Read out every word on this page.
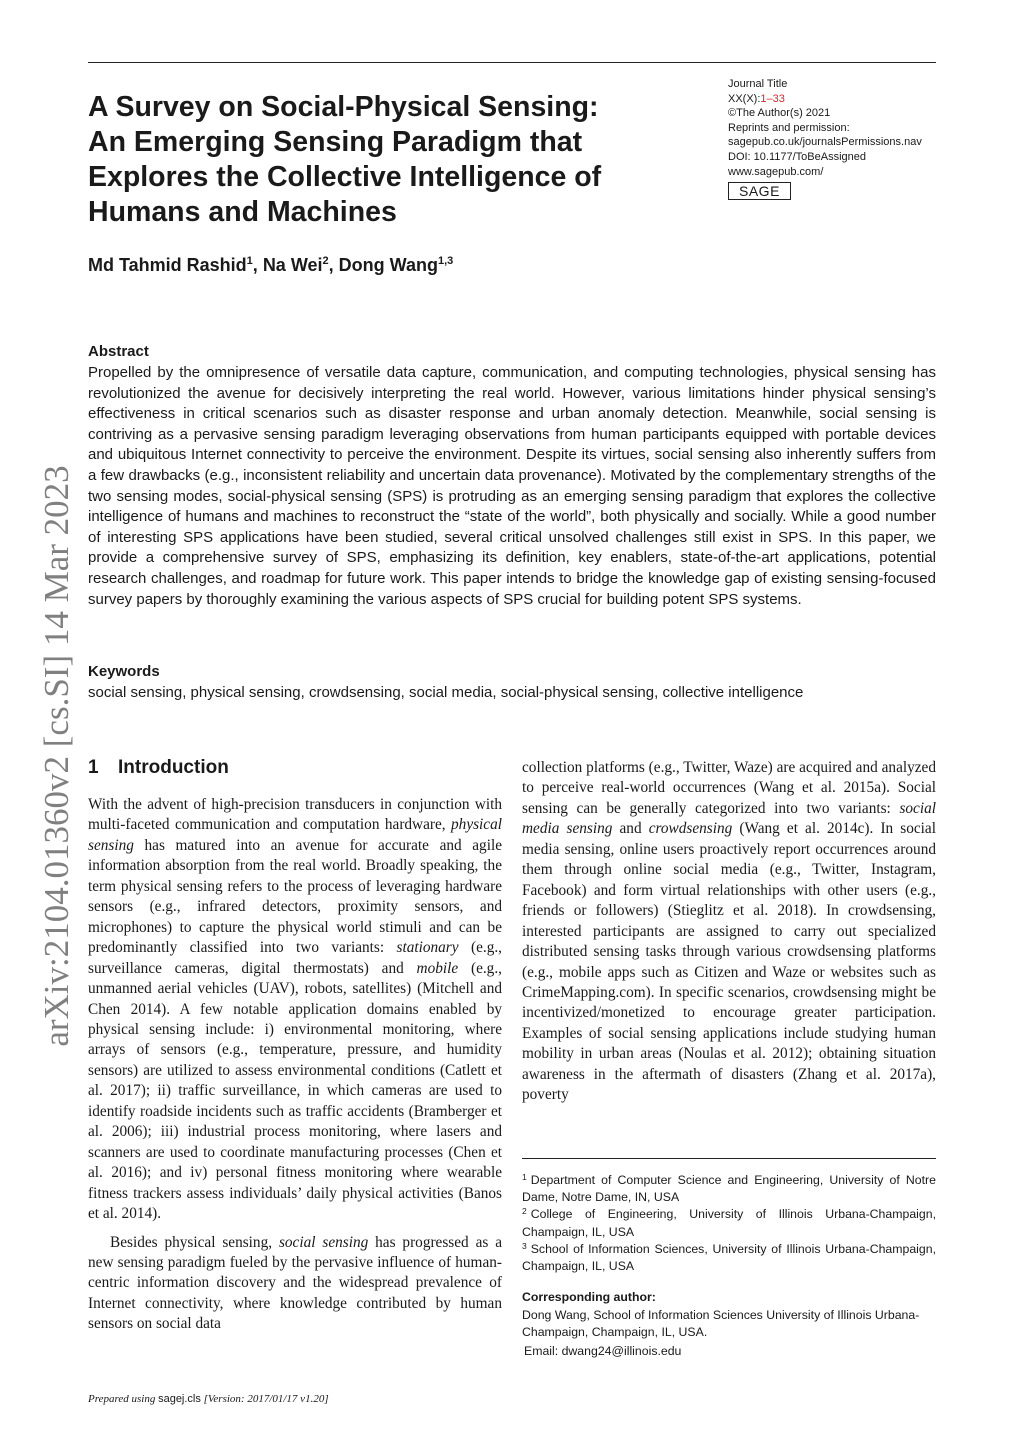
A Survey on Social-Physical Sensing:
An Emerging Sensing Paradigm that
Explores the Collective Intelligence of
Humans and Machines
Journal Title
XX(X):1–33
©The Author(s) 2021
Reprints and permission:
sagepub.co.uk/journalsPermissions.nav
DOI: 10.1177/ToBeAssigned
www.sagepub.com/
SAGE
Md Tahmid Rashid$^1$, Na Wei$^2$, Dong Wang$^{1,3}$
arXiv:2104.01360v2 [cs.SI] 14 Mar 2023
Abstract
Propelled by the omnipresence of versatile data capture, communication, and computing technologies, physical sensing has revolutionized the avenue for decisively interpreting the real world. However, various limitations hinder physical sensing’s effectiveness in critical scenarios such as disaster response and urban anomaly detection. Meanwhile, social sensing is contriving as a pervasive sensing paradigm leveraging observations from human participants equipped with portable devices and ubiquitous Internet connectivity to perceive the environment. Despite its virtues, social sensing also inherently suffers from a few drawbacks (e.g., inconsistent reliability and uncertain data provenance). Motivated by the complementary strengths of the two sensing modes, social-physical sensing (SPS) is protruding as an emerging sensing paradigm that explores the collective intelligence of humans and machines to reconstruct the “state of the world”, both physically and socially. While a good number of interesting SPS applications have been studied, several critical unsolved challenges still exist in SPS. In this paper, we provide a comprehensive survey of SPS, emphasizing its definition, key enablers, state-of-the-art applications, potential research challenges, and roadmap for future work. This paper intends to bridge the knowledge gap of existing sensing-focused survey papers by thoroughly examining the various aspects of SPS crucial for building potent SPS systems.
Keywords
social sensing, physical sensing, crowdsensing, social media, social-physical sensing, collective intelligence
1 Introduction

With the advent of high-precision transducers in conjunction with multi-faceted communication and computation hardware, physical sensing has matured into an avenue for accurate and agile information absorption from the real world. Broadly speaking, the term physical sensing refers to the process of leveraging hardware sensors (e.g., infrared detectors, proximity sensors, and microphones) to capture the physical world stimuli and can be predominantly classified into two variants: stationary (e.g., surveillance cameras, digital thermostats) and mobile (e.g., unmanned aerial vehicles (UAV), robots, satellites) (Mitchell and Chen 2014). A few notable application domains enabled by physical sensing include: i) environmental monitoring, where arrays of sensors (e.g., temperature, pressure, and humidity sensors) are utilized to assess environmental conditions (Catlett et al. 2017); ii) traffic surveillance, in which cameras are used to identify roadside incidents such as traffic accidents (Bramberger et al. 2006); iii) industrial process monitoring, where lasers and scanners are used to coordinate manufacturing processes (Chen et al. 2016); and iv) personal fitness monitoring where wearable fitness trackers assess individuals’ daily physical activities (Banos et al. 2014).

Besides physical sensing, social sensing has progressed as a new sensing paradigm fueled by the pervasive influence of human-centric information discovery and the widespread prevalence of Internet connectivity, where knowledge contributed by human sensors on social data

collection platforms (e.g., Twitter, Waze) are acquired and analyzed to perceive real-world occurrences (Wang et al. 2015a). Social sensing can be generally categorized into two variants: social media sensing and crowdsensing (Wang et al. 2014c). In social media sensing, online users proactively report occurrences around them through online social media (e.g., Twitter, Instagram, Facebook) and form virtual relationships with other users (e.g., friends or followers) (Stieglitz et al. 2018). In crowdsensing, interested participants are assigned to carry out specialized distributed sensing tasks through various crowdsensing platforms (e.g., mobile apps such as Citizen and Waze or websites such as CrimeMapping.com). In specific scenarios, crowdsensing might be incentivized/monetized to encourage greater participation. Examples of social sensing applications include studying human mobility in urban areas (Noulas et al. 2012); obtaining situation awareness in the aftermath of disasters (Zhang et al. 2017a), poverty

$^1$ Department of Computer Science and Engineering, University of Notre Dame, Notre Dame, IN, USA
$^2$ College of Engineering, University of Illinois Urbana-Champaign, Champaign, IL, USA
$^3$ School of Information Sciences, University of Illinois Urbana-Champaign, Champaign, IL, USA
Corresponding author:
Dong Wang, School of Information Sciences University of Illinois Urbana-Champaign, Champaign, IL, USA.
Email: dwang24@illinois.edu
Prepared using sagej.cls [Version: 2017/01/17 v1.20]
